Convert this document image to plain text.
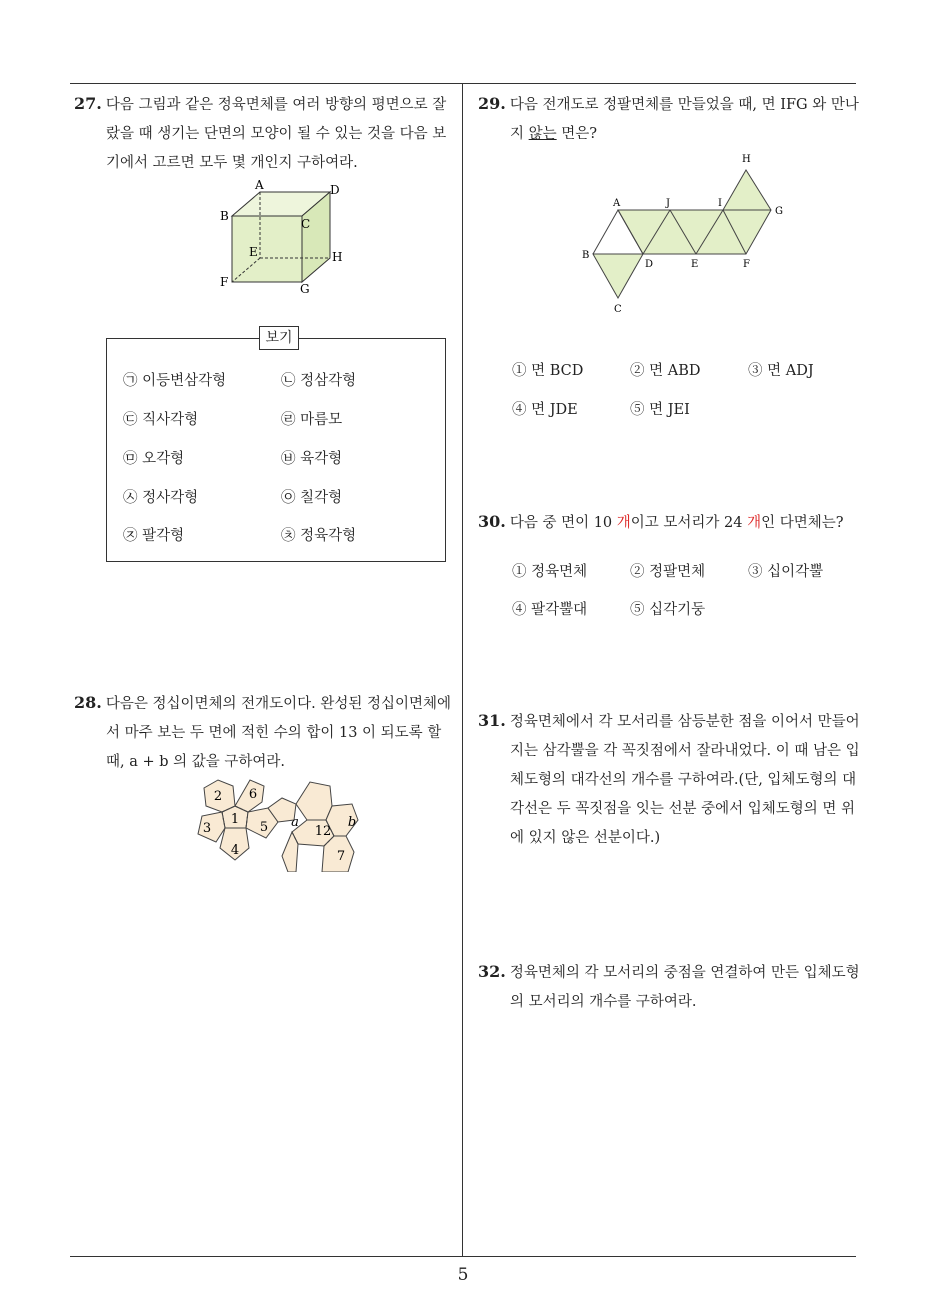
27. 다음 그림과 같은 정육면체를 여러 방향의 평면으로 잘랐을 때 생기는 단면의 모양이 될 수 있는 것을 다음 보기에서 고르면 모두 몇 개인지 구하여라.
A	D
B
C
E	H
F	G
보기
㉠ 이등변삼각형	㉡ 정삼각형
㉢ 직사각형	㉣ 마름모
㉤ 오각형	㉥ 육각형
㉦ 정사각형	㉧ 칠각형
㉨ 팔각형	㉩ 정육각형
28. 다음은 정십이면체의 전개도이다. 완성된 정십이면체에서 마주 보는 두 면에 적힌 수의 합이 13 이 되도록 할 때, a + b 의 값을 구하여라.
2 6
1
3	5
4
a
12
b
7
29. 다음 전개도로 정팔면체를 만들었을 때, 면 IFG 와 만나지 않는 면은?
H
A	J	I
G
B
D	E	F
C
① 면 BCD	② 면 ABD	③ 면 ADJ
④ 면 JDE	⑤ 면 JEI
30. 다음 중 면이 10 개이고 모서리가 24 개인 다면체는?
① 정육면체	② 정팔면체	③ 십이각뿔
④ 팔각뿔대	⑤ 십각기둥
31. 정육면체에서 각 모서리를 삼등분한 점을 이어서 만들어지는 삼각뿔을 각 꼭짓점에서 잘라내었다. 이 때 남은 입체도형의 대각선의 개수를 구하여라.(단, 입체도형의 대각선은 두 꼭짓점을 잇는 선분 중에서 입체도형의 면 위에 있지 않은 선분이다.)
32. 정육면체의 각 모서리의 중점을 연결하여 만든 입체도형의 모서리의 개수를 구하여라.
5
